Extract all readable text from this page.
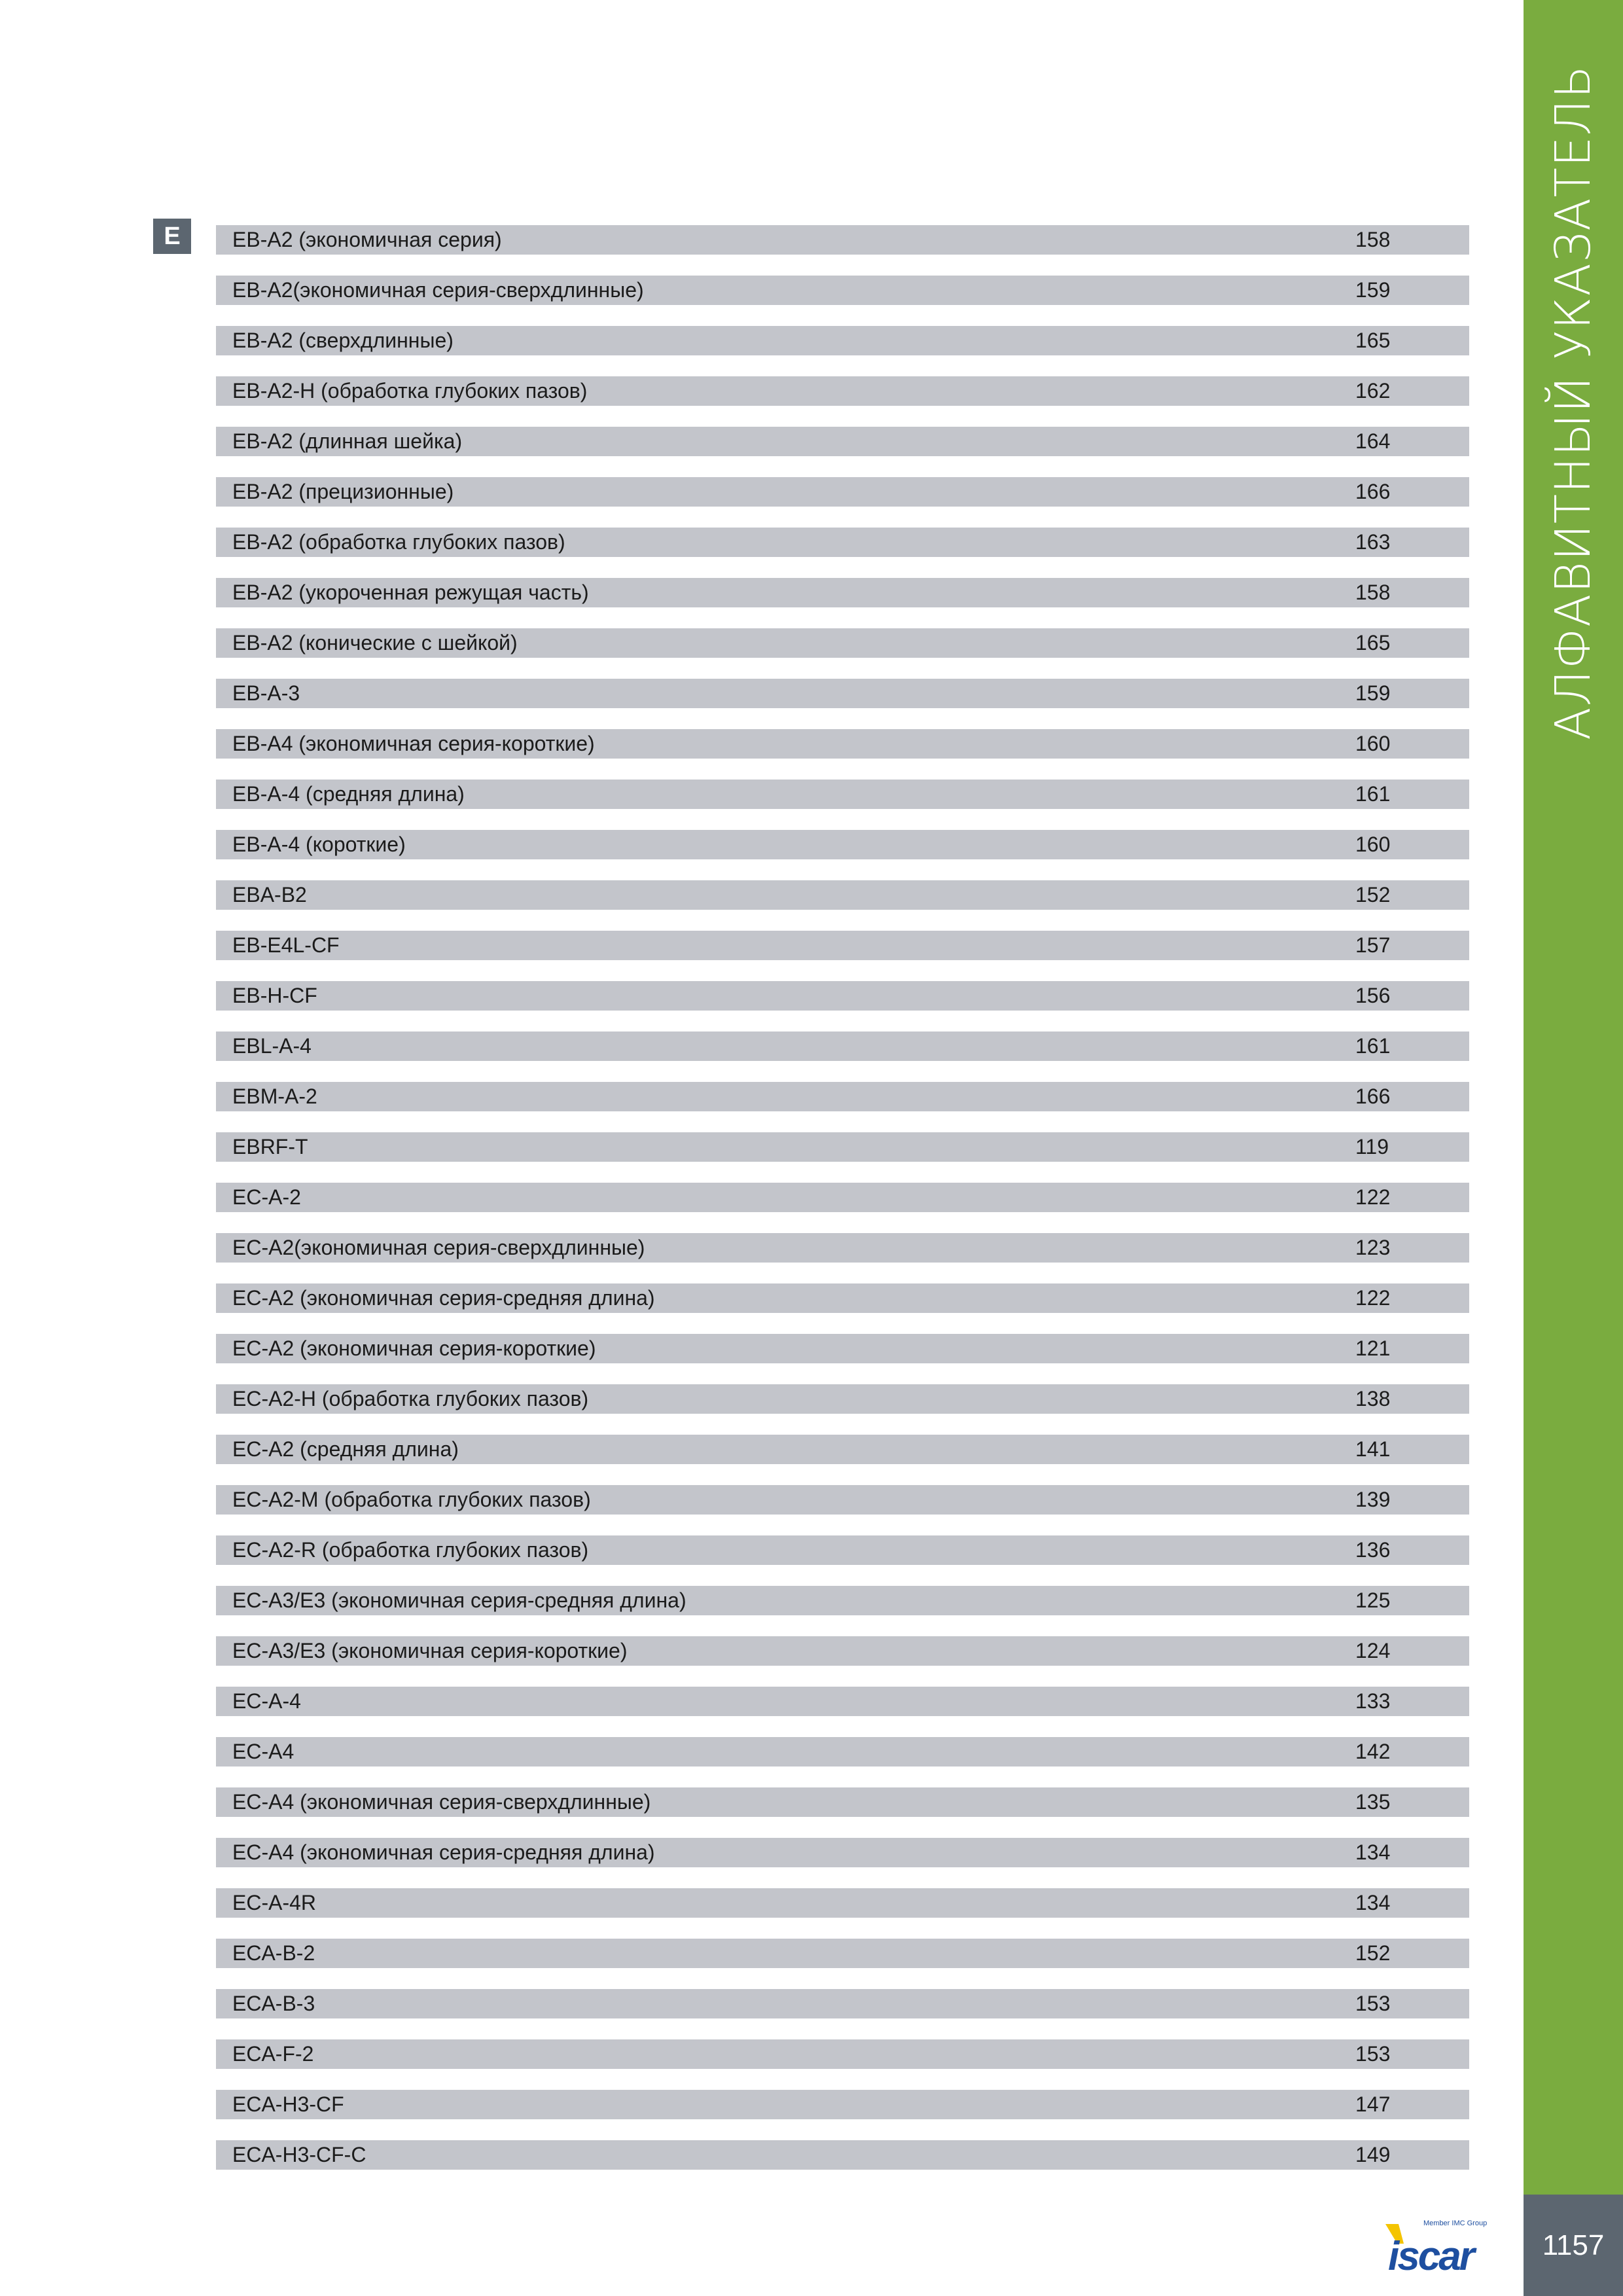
АЛФАВИТНЫЙ УКАЗАТЕЛЬ
E	EB-A2 (экономичная серия)	158
EB-A2(экономичная серия-сверхдлинные)	159
EB-A2 (сверхдлинные)	165
EB-A2-H (обработка глубоких пазов)	162
EB-A2 (длинная шейка)	164
EB-A2 (прецизионные)	166
EB-A2 (обработка глубоких пазов)	163
EB-A2 (укороченная режущая часть)	158
EB-A2 (конические с шейкой)	165
EB-A-3	159
EB-A4 (экономичная серия-короткие)	160
EB-A-4 (средняя длина)	161
EB-A-4 (короткие)	160
EBA-B2	152
EB-E4L-CF	157
EB-H-CF	156
EBL-A-4	161
EBM-A-2	166
EBRF-T	119
EC-A-2	122
EC-A2(экономичная серия-сверхдлинные)	123
EC-A2 (экономичная серия-средняя длина)	122
EC-A2 (экономичная серия-короткие)	121
EC-A2-H (обработка глубоких пазов)	138
EC-A2 (средняя длина)	141
EC-A2-M (обработка глубоких пазов)	139
EC-A2-R (обработка глубоких пазов)	136
EC-A3/E3 (экономичная серия-средняя длина)	125
EC-A3/E3 (экономичная серия-короткие)	124
EC-A-4	133
EC-A4	142
EC-A4 (экономичная серия-сверхдлинные)	135
EC-A4 (экономичная серия-средняя длина)	134
EC-A-4R	134
ECA-B-2	152
ECA-B-3	153
ECA-F-2	153
ECA-H3-CF	147
ECA-H3-CF-C	149
Member IMC Group
iscar	1157
